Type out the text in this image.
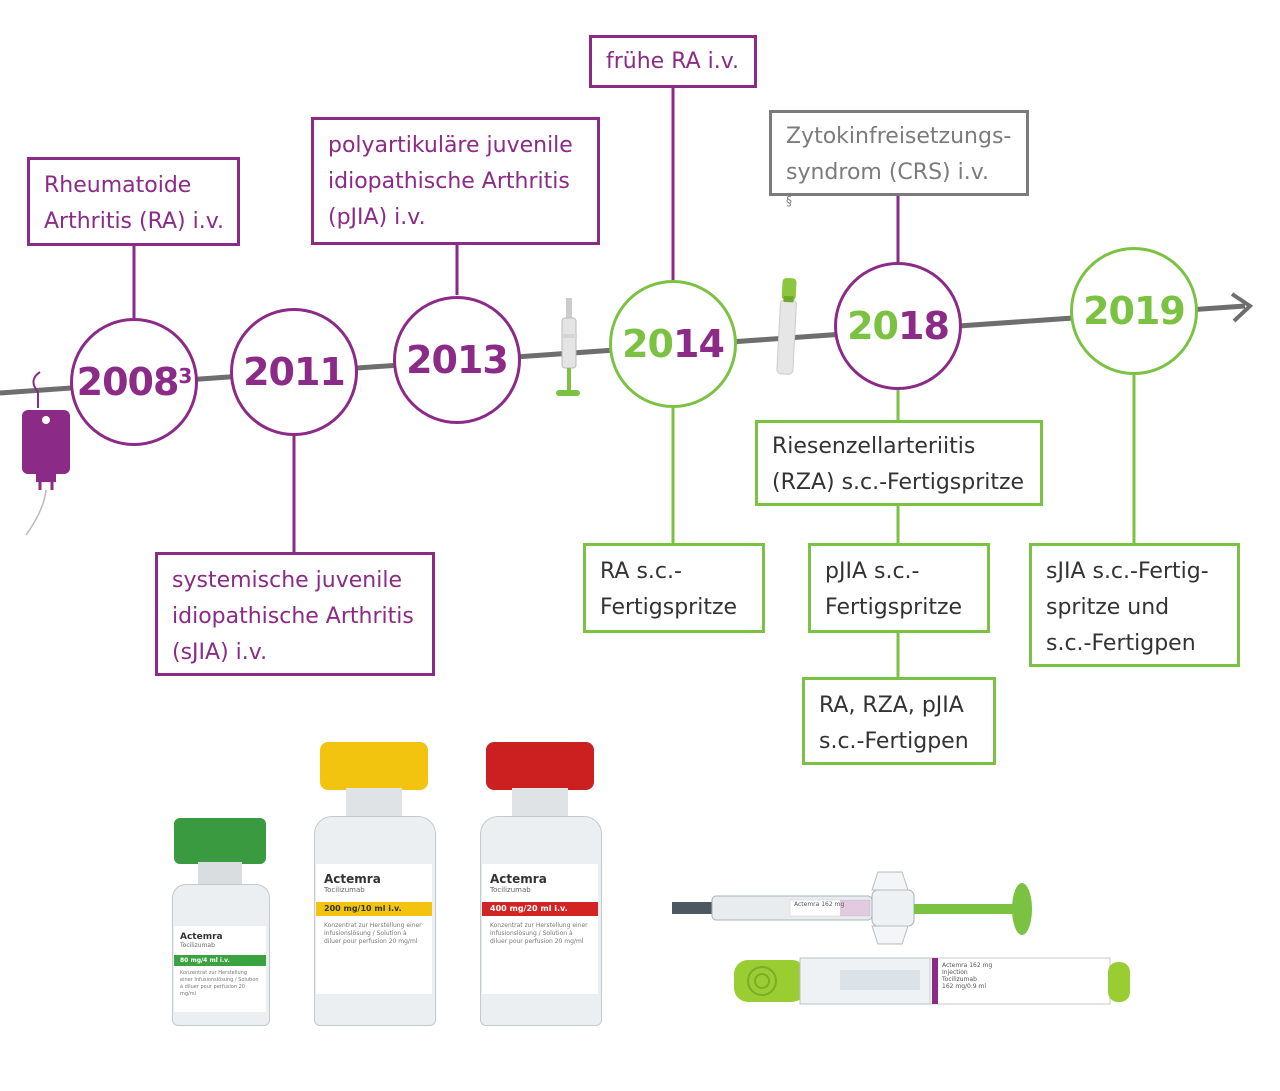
2008$^3$ 2011 2013	2014	2018	2019
Rheumatoide
Arthritis (RA) i.v.
systemische juvenile
idiopathische Arthritis
(sJIA) i.v.
polyartikuläre juvenile
idiopathische Arthritis
(pJIA) i.v.
frühe RA i.v.
Zytokinfreisetzungs-
syndrom (CRS) i.v.
§
RA s.c.-
Fertigspritze
Riesenzellarteriitis
(RZA) s.c.-Fertigspritze
pJIA s.c.-
Fertigspritze
RA, RZA, pJIA
s.c.-Fertigpen
sJIA s.c.-Fertig-
spritze und
s.c.-Fertigpen
Actemra
Tocilizumab
80 mg/4 ml i.v.
Konzentrat zur Herstellung einer Infusionslösung / Solution à diluer pour perfusion 20 mg/ml
Actemra
Tocilizumab
200 mg/10 ml i.v.
Konzentrat zur Herstellung einer Infusionslösung / Solution à diluer pour perfusion 20 mg/ml
Actemra
Tocilizumab
400 mg/20 ml i.v.
Konzentrat zur Herstellung einer Infusionslösung / Solution à diluer pour perfusion 20 mg/ml
Actemra 162 mg
Actemra 162 mg
Injection
Tocilizumab
162 mg/0.9 ml
